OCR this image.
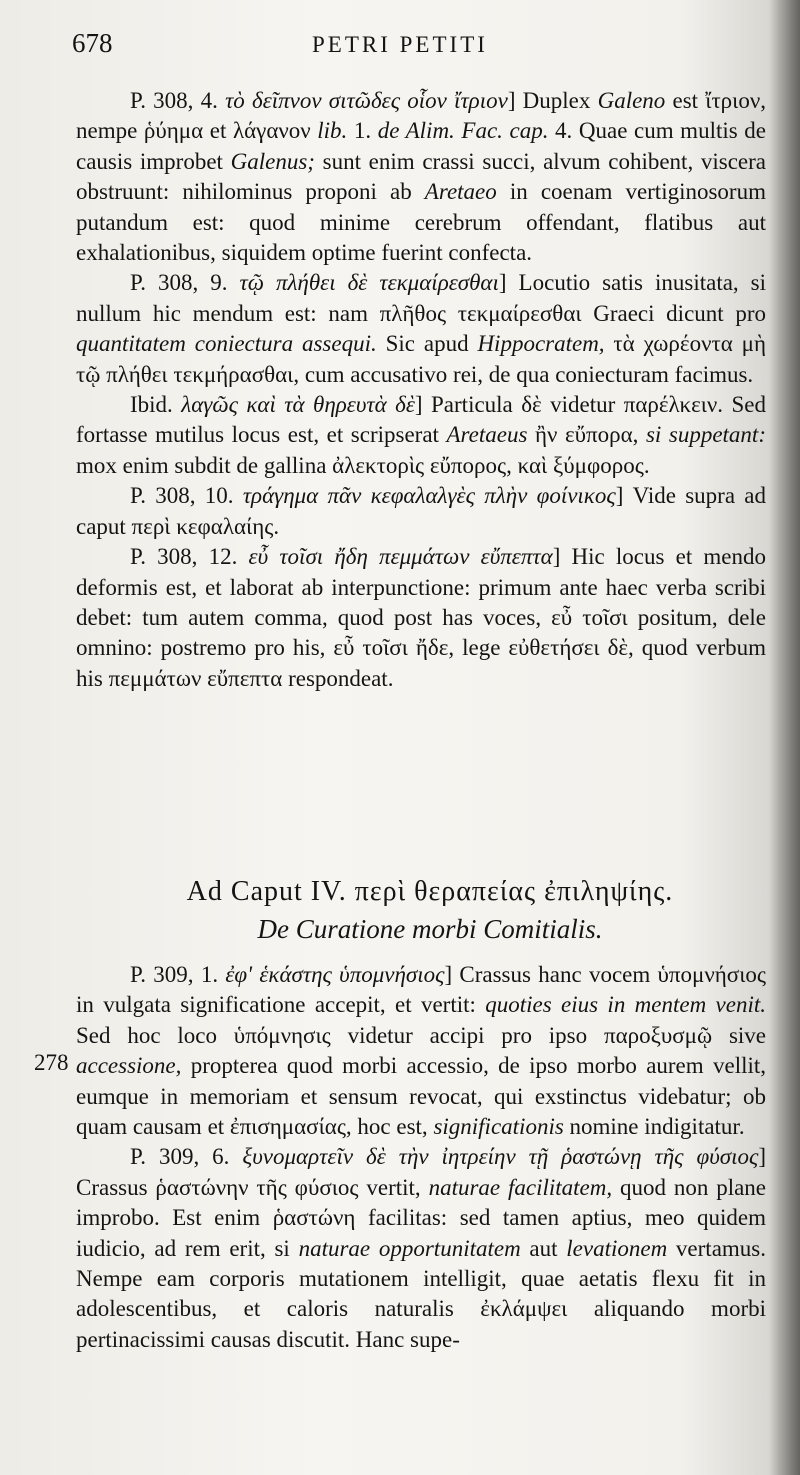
678	PETRI PETITI

P. 308, 4. τὸ δεῖπνον σιτῶδες οἷον ἴτριον] Duplex Galeno est ἴτριον, nempe ῥύημα et λάγανον lib. 1. de Alim. Fac. cap. 4. Quae cum multis de causis improbet Galenus; sunt enim crassi succi, alvum cohibent, viscera obstruunt: nihilominus proponi ab Aretaeo in coenam vertiginosorum putandum est: quod minime cerebrum offendant, flatibus aut exhalationibus, siquidem optime fuerint confecta.

P. 308, 9. τῷ πλήθει δὲ τεκμαίρεσθαι] Locutio satis inusitata, si nullum hic mendum est: nam πλῆθος τεκμαίρεσθαι Graeci dicunt pro quantitatem coniectura assequi. Sic apud Hippocratem, τὰ χωρέοντα μὴ τῷ πλήθει τεκμήρασθαι, cum accusativo rei, de qua coniecturam facimus.

Ibid. λαγῶς καὶ τὰ θηρευτὰ δὲ] Particula δὲ videtur παρέλκειν. Sed fortasse mutilus locus est, et scripserat Aretaeus ἢν εὔπορα, si suppetant: mox enim subdit de gallina ἀλεκτορὶς εὔπορος, καὶ ξύμφορος.

P. 308, 10. τράγημα πᾶν κεφαλαλγὲς πλὴν φοίνικος] Vide supra ad caput περὶ κεφαλαίης.

P. 308, 12. εὖ τοῖσι ἤδη πεμμάτων εὔπεπτα] Hic locus et mendo deformis est, et laborat ab interpunctione: primum ante haec verba scribi debet: tum autem comma, quod post has voces, εὖ τοῖσι positum, dele omnino: postremo pro his, εὖ τοῖσι ἤδε, lege εὐθετήσει δὲ, quod verbum his πεμμάτων εὔπεπτα respondeat.

Ad Caput IV. περὶ θεραπείας ἐπιληψίης.
De Curatione morbi Comitialis.
278

P. 309, 1. ἐφ' ἑκάστης ὑπομνήσιος] Crassus hanc vocem ὑπομνήσιος in vulgata significatione accepit, et vertit: quoties eius in mentem venit. Sed hoc loco ὑπόμνησις videtur accipi pro ipso παροξυσμῷ sive accessione, propterea quod morbi accessio, de ipso morbo aurem vellit, eumque in memoriam et sensum revocat, qui exstinctus videbatur; ob quam causam et ἐπισημασίας, hoc est, significationis nomine indigitatur.

P. 309, 6. ξυνομαρτεῖν δὲ τὴν ἰητρείην τῇ ῥαστώνῃ τῆς φύσιος] Crassus ῥαστώνην τῆς φύσιος vertit, naturae facilitatem, quod non plane improbo. Est enim ῥαστώνη facilitas: sed tamen aptius, meo quidem iudicio, ad rem erit, si naturae opportunitatem aut levationem vertamus. Nempe eam corporis mutationem intelligit, quae aetatis flexu fit in adolescentibus, et caloris naturalis ἐκλάμψει aliquando morbi pertinacissimi causas discutit. Hanc supe-
